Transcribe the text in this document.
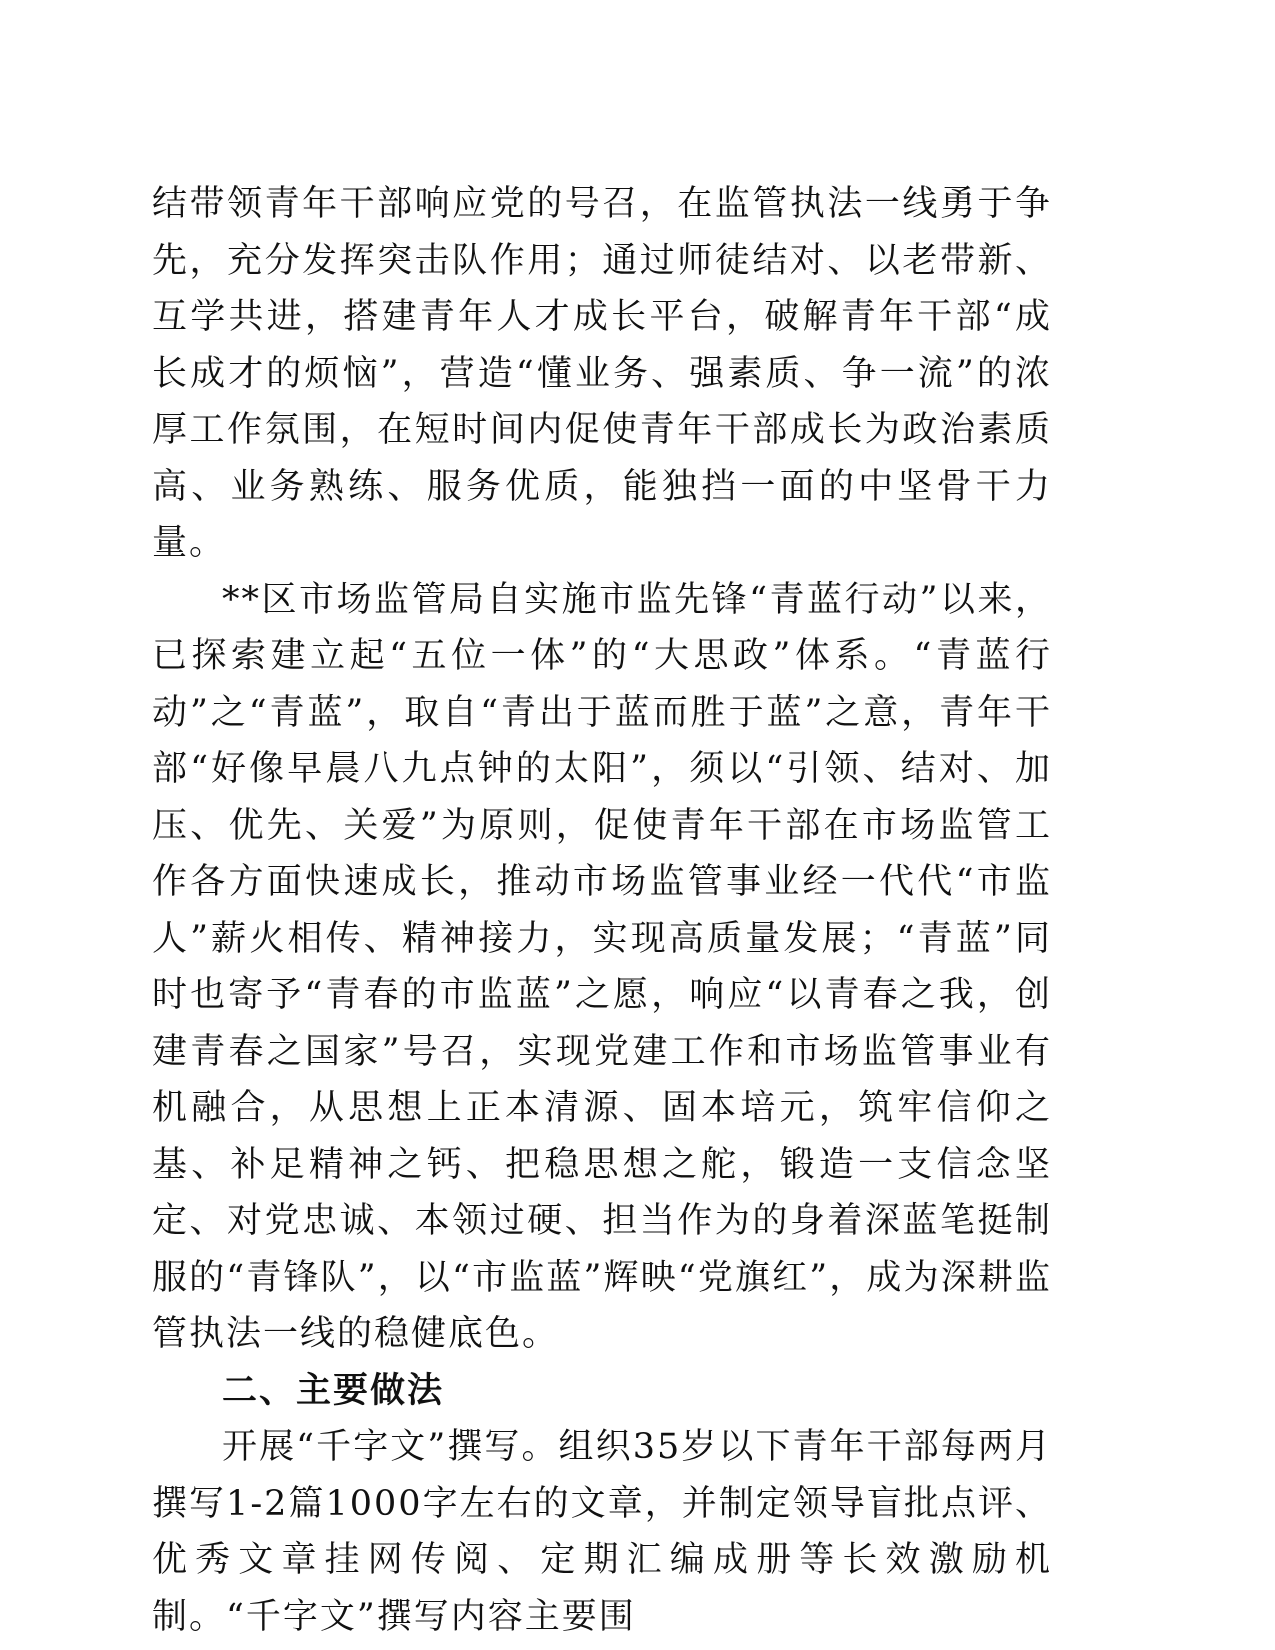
结带领青年干部响应党的号召，在监管执法一线勇于争先，充分发挥突击队作用；通过师徒结对、以老带新、互学共进，搭建青年人才成长平台，破解青年干部“成长成才的烦恼”，营造“懂业务、强素质、争一流”的浓厚工作氛围，在短时间内促使青年干部成长为政治素质高、业务熟练、服务优质，能独挡一面的中坚骨干力量。

**区市场监管局自实施市监先锋“青蓝行动”以来，已探索建立起“五位一体”的“大思政”体系。“青蓝行动”之“青蓝”，取自“青出于蓝而胜于蓝”之意，青年干部“好像早晨八九点钟的太阳”，须以“引领、结对、加压、优先、关爱”为原则，促使青年干部在市场监管工作各方面快速成长，推动市场监管事业经一代代“市监人”薪火相传、精神接力，实现高质量发展；“青蓝”同时也寄予“青春的市监蓝”之愿，响应“以青春之我，创建青春之国家”号召，实现党建工作和市场监管事业有机融合，从思想上正本清源、固本培元，筑牢信仰之基、补足精神之钙、把稳思想之舵，锻造一支信念坚定、对党忠诚、本领过硬、担当作为的身着深蓝笔挺制服的“青锋队”，以“市监蓝”辉映“党旗红”，成为深耕监管执法一线的稳健底色。

二、主要做法

开展“千字文”撰写。组织35岁以下青年干部每两月撰写1-2篇1000字左右的文章，并制定领导盲批点评、优秀文章挂网传阅、定期汇编成册等长效激励机制。“千字文”撰写内容主要围
